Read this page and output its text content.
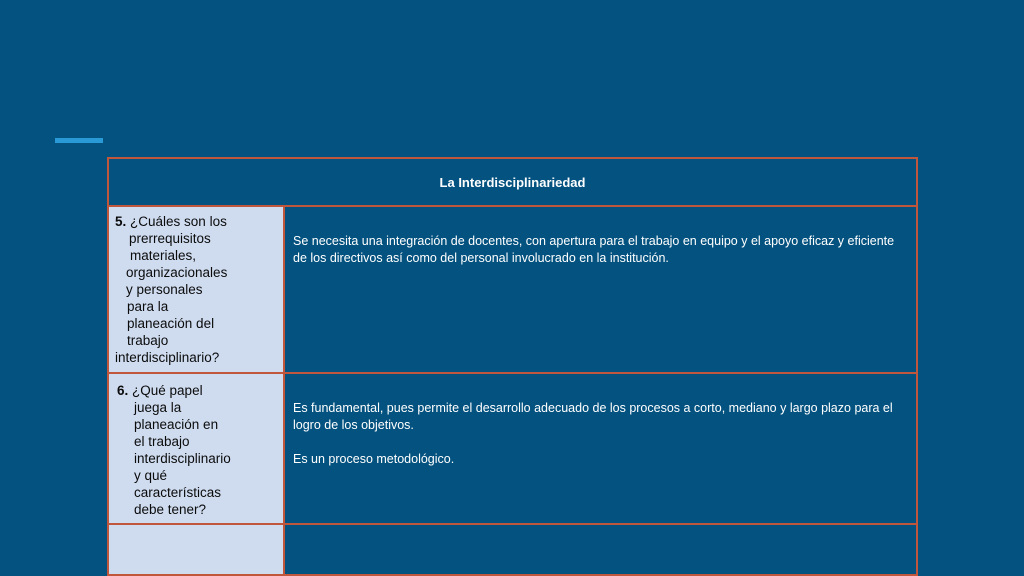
La Interdisciplinariedad
5. ¿Cuáles son los
prerrequisitos
materiales,
organizacionales
y personales
para la
planeación del
trabajo
interdisciplinario?

Se necesita una integración de docentes, con apertura para el trabajo en equipo y el apoyo eficaz y eficiente de los directivos así como del personal involucrado en la institución.

6. ¿Qué papel
juega la
planeación en
el trabajo
interdisciplinario
y qué
características
debe tener?

Es fundamental, pues permite el desarrollo adecuado de los procesos a corto, mediano y largo plazo para el logro de los objetivos.

Es un proceso metodológico.
